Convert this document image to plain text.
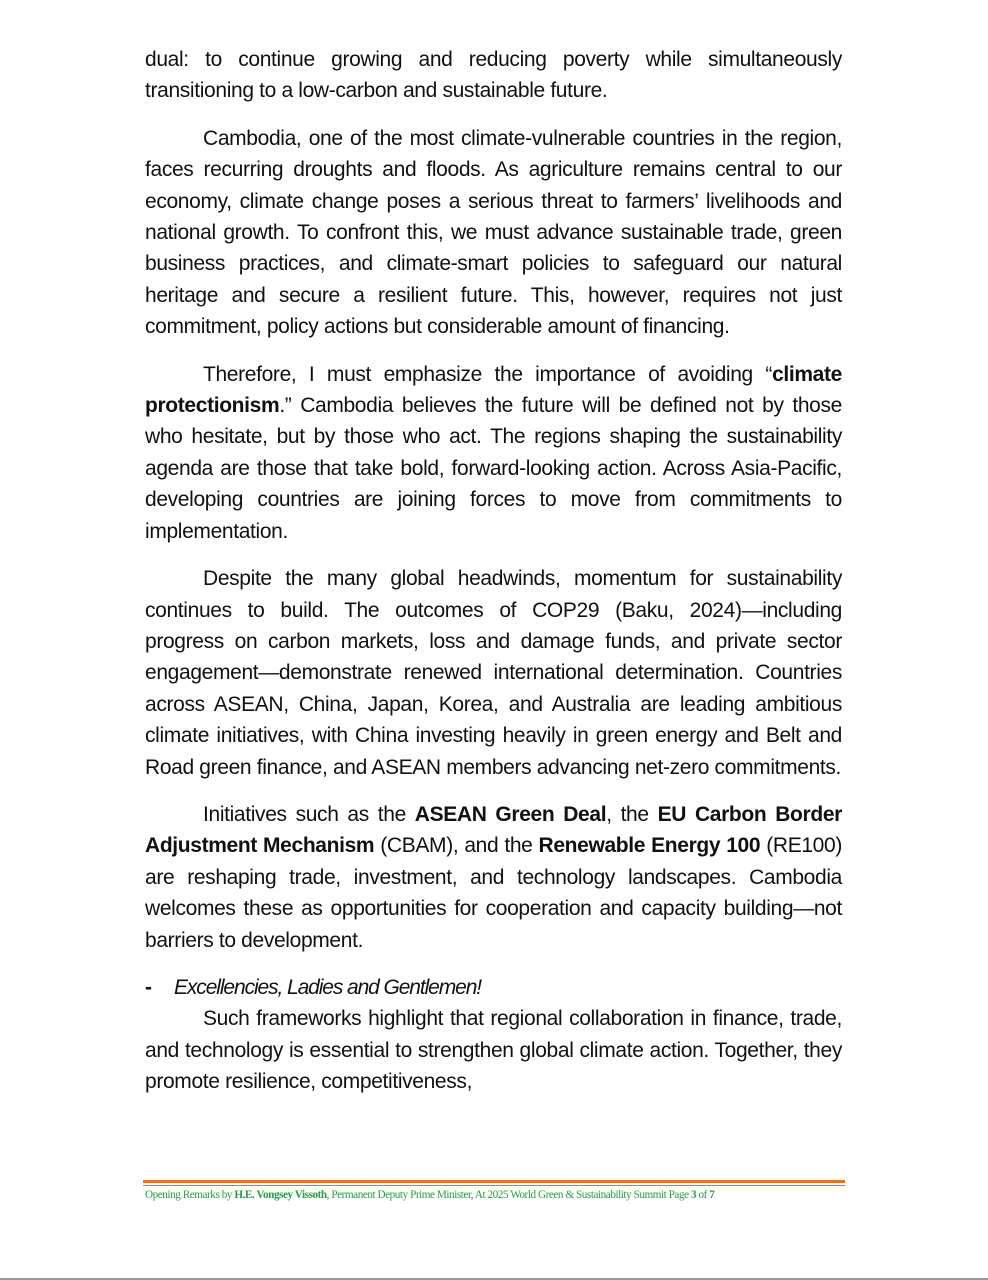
dual: to continue growing and reducing poverty while simultaneously transitioning to a low-carbon and sustainable future.

Cambodia, one of the most climate-vulnerable countries in the region, faces recurring droughts and floods. As agriculture remains central to our economy, climate change poses a serious threat to farmers’ livelihoods and national growth. To confront this, we must advance sustainable trade, green business practices, and climate-smart policies to safeguard our natural heritage and secure a resilient future. This, however, requires not just commitment, policy actions but considerable amount of financing.

Therefore, I must emphasize the importance of avoiding “climate protectionism.” Cambodia believes the future will be defined not by those who hesitate, but by those who act. The regions shaping the sustainability agenda are those that take bold, forward-looking action. Across Asia-Pacific, developing countries are joining forces to move from commitments to implementation.

Despite the many global headwinds, momentum for sustainability continues to build. The outcomes of COP29 (Baku, 2024)—including progress on carbon markets, loss and damage funds, and private sector engagement—demonstrate renewed international determination. Countries across ASEAN, China, Japan, Korea, and Australia are leading ambitious climate initiatives, with China investing heavily in green energy and Belt and Road green finance, and ASEAN members advancing net-zero commitments.

Initiatives such as the ASEAN Green Deal, the EU Carbon Border Adjustment Mechanism (CBAM), and the Renewable Energy 100 (RE100) are reshaping trade, investment, and technology landscapes. Cambodia welcomes these as opportunities for cooperation and capacity building—not barriers to development.

-	Excellencies, Ladies and Gentlemen!

Such frameworks highlight that regional collaboration in finance, trade, and technology is essential to strengthen global climate action. Together, they promote resilience, competitiveness,

Opening Remarks by H.E. Vongsey Vissoth, Permanent Deputy Prime Minister, At 2025 World Green & Sustainability Summit Page 3 of 7
